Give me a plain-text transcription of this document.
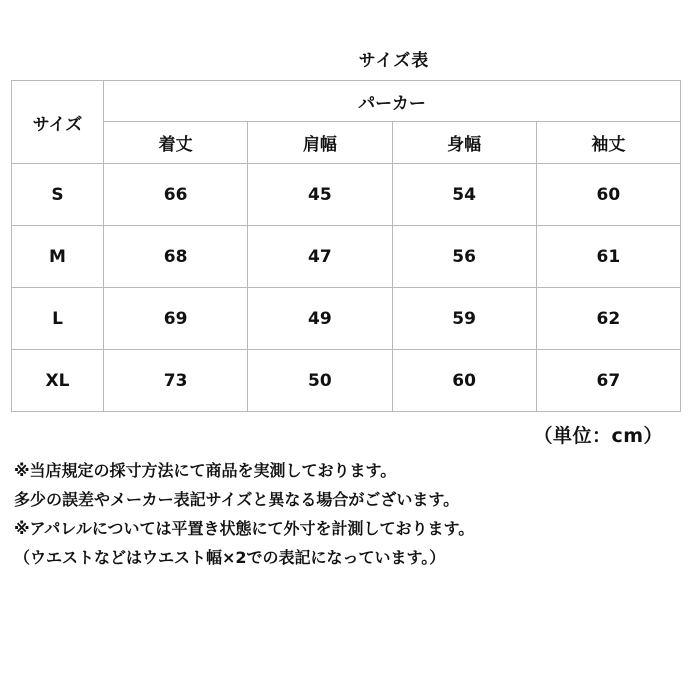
サイズ表
サイズ	パーカー			
	着丈	肩幅	身幅	袖丈
S	66	45	54	60
M	68	47	56	61
L	69	49	59	62
XL	73	50	60	67
（単位：cm）
※当店規定の採寸方法にて商品を実測しております。
多少の誤差やメーカー表記サイズと異なる場合がございます。
※アパレルについては平置き状態にて外寸を計測しております。
（ウエストなどはウエスト幅×2での表記になっています。）
